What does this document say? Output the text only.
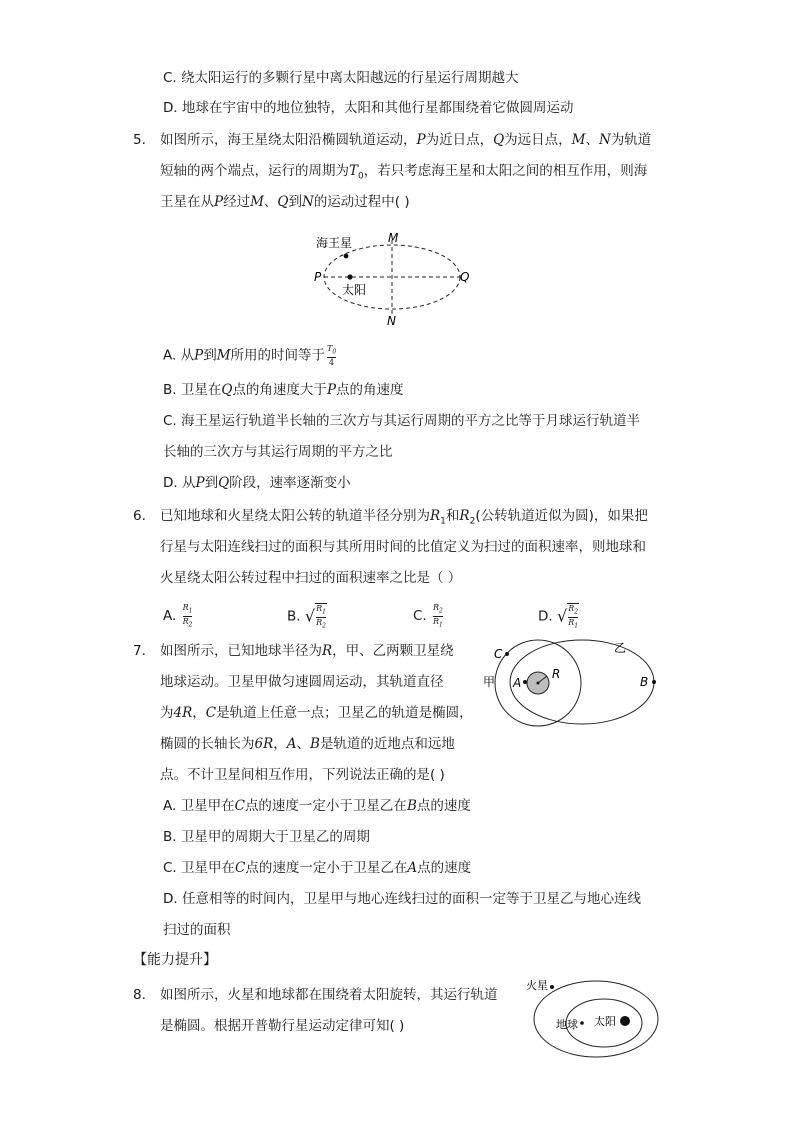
C. 绕太阳运行的多颗行星中离太阳越远的行星运行周期越大
D. 地球在宇宙中的地位独特，太阳和其他行星都围绕着它做圆周运动
5. 如图所示，海王星绕太阳沿椭圆轨道运动，P为近日点，Q为远日点，M、N为轨道
短轴的两个端点，运行的周期为$T_0$，若只考虑海王星和太阳之间的相互作用，则海
王星在从P经过M、Q到N的运动过程中( )
海王星
太阳
P	Q
M
N
A. 从P到M所用的时间等于 $\frac{T_0}{4}$
B. 卫星在Q点的角速度大于P点的角速度
C. 海王星运行轨道半长轴的三次方与其运行周期的平方之比等于月球运行轨道半
长轴的三次方与其运行周期的平方之比
D. 从P到Q阶段，速率逐渐变小
6. 已知地球和火星绕太阳公转的轨道半径分别为$R_1$和$R_2$(公转轨道近似为圆)，如果把
行星与太阳连线扫过的面积与其所用时间的比值定义为扫过的面积速率，则地球和
火星绕太阳公转过程中扫过的面积速率之比是（ ）
A. $\frac{R_1}{R_2}$	B. √ $\frac{R_1}{R_2}$	C. $\frac{R_2}{R_1}$	D. √ $\frac{R_2}{R_1}$
7. 如图所示，已知地球半径为R，甲、乙两颗卫星绕
地球运动。卫星甲做匀速圆周运动，其轨道直径
为4R，C是轨道上任意一点；卫星乙的轨道是椭圆，
椭圆的长轴长为6R，A、B是轨道的近地点和远地
点。不计卫星间相互作用，下列说法正确的是( )
C
甲 A
R
乙
B
A. 卫星甲在C点的速度一定小于卫星乙在B点的速度
B. 卫星甲的周期大于卫星乙的周期
C. 卫星甲在C点的速度一定小于卫星乙在A点的速度
D. 任意相等的时间内，卫星甲与地心连线扫过的面积一定等于卫星乙与地心连线
扫过的面积
【能力提升】
8. 如图所示，火星和地球都在围绕着太阳旋转，其运行轨道
是椭圆。根据开普勒行星运动定律可知( )
火星
地球 太阳
